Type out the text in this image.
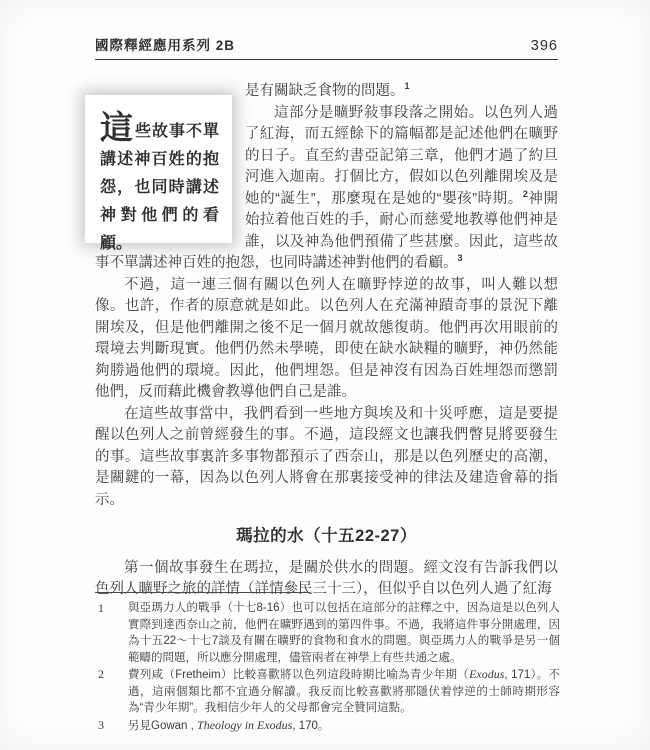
國際釋經應用系列 2B	396
這些故事不單講述神百姓的抱怨，也同時講述神對他們的看顧。

是有關缺乏食物的問題。$^1$

這部分是曠野敍事段落之開始。以色列人過了紅海，而五經餘下的篇幅都是記述他們在曠野的日子。直至約書亞記第三章，他們才過了約旦河進入迦南。打個比方，假如以色列離開埃及是她的“誕生”，那麼現在是她的“嬰孩”時期。$^2$神開始拉着他百姓的手，耐心而慈愛地教導他們神是誰，以及神為他們預備了些甚麼。因此，這些故事不單講述神百姓的抱怨，也同時講述神對他們的看顧。$^3$

不過，這一連三個有關以色列人在曠野悖逆的故事，叫人難以想像。也許，作者的原意就是如此。以色列人在充滿神蹟奇事的景況下離開埃及，但是他們離開之後不足一個月就故態復萌。他們再次用眼前的環境去判斷現實。他們仍然未學曉，即使在缺水缺糧的曠野，神仍然能夠勝過他們的環境。因此，他們埋怨。但是神沒有因為百姓埋怨而懲罰他們，反而藉此機會教導他們自己是誰。

在這些故事當中，我們看到一些地方與埃及和十災呼應，這是要提醒以色列人之前曾經發生的事。不過，這段經文也讓我們瞥見將要發生的事。這些故事裏許多事物都預示了西奈山，那是以色列歷史的高潮，是關鍵的一幕，因為以色列人將會在那裏接受神的律法及建造會幕的指示。

瑪拉的水（十五22-27）

第一個故事發生在瑪拉，是關於供水的問題。經文沒有告訴我們以色列人曠野之旅的詳情（詳情參民三十三），但似乎自以色列人過了紅海

1 與亞瑪力人的戰爭（十七8-16）也可以包括在這部分的註釋之中，因為這是以色列人實際到達西奈山之前，他們在曠野遇到的第四件事。不過，我將這件事分開處理，因為十五22～十七7談及有關在曠野的食物和食水的問題。與亞瑪力人的戰爭是另一個範疇的問題，所以應分開處理，儘管兩者在神學上有些共通之處。
2 費列咸（Fretheim）比較喜歡將以色列這段時期比喻為青少年期（Exodus, 171）。不過，這兩個類比都不宜過分解讀。我反而比較喜歡將那隱伏着悖逆的士師時期形容為“青少年期”。我相信少年人的父母都會完全贊同這點。
3 另見Gowan , Theology in Exodus, 170。
